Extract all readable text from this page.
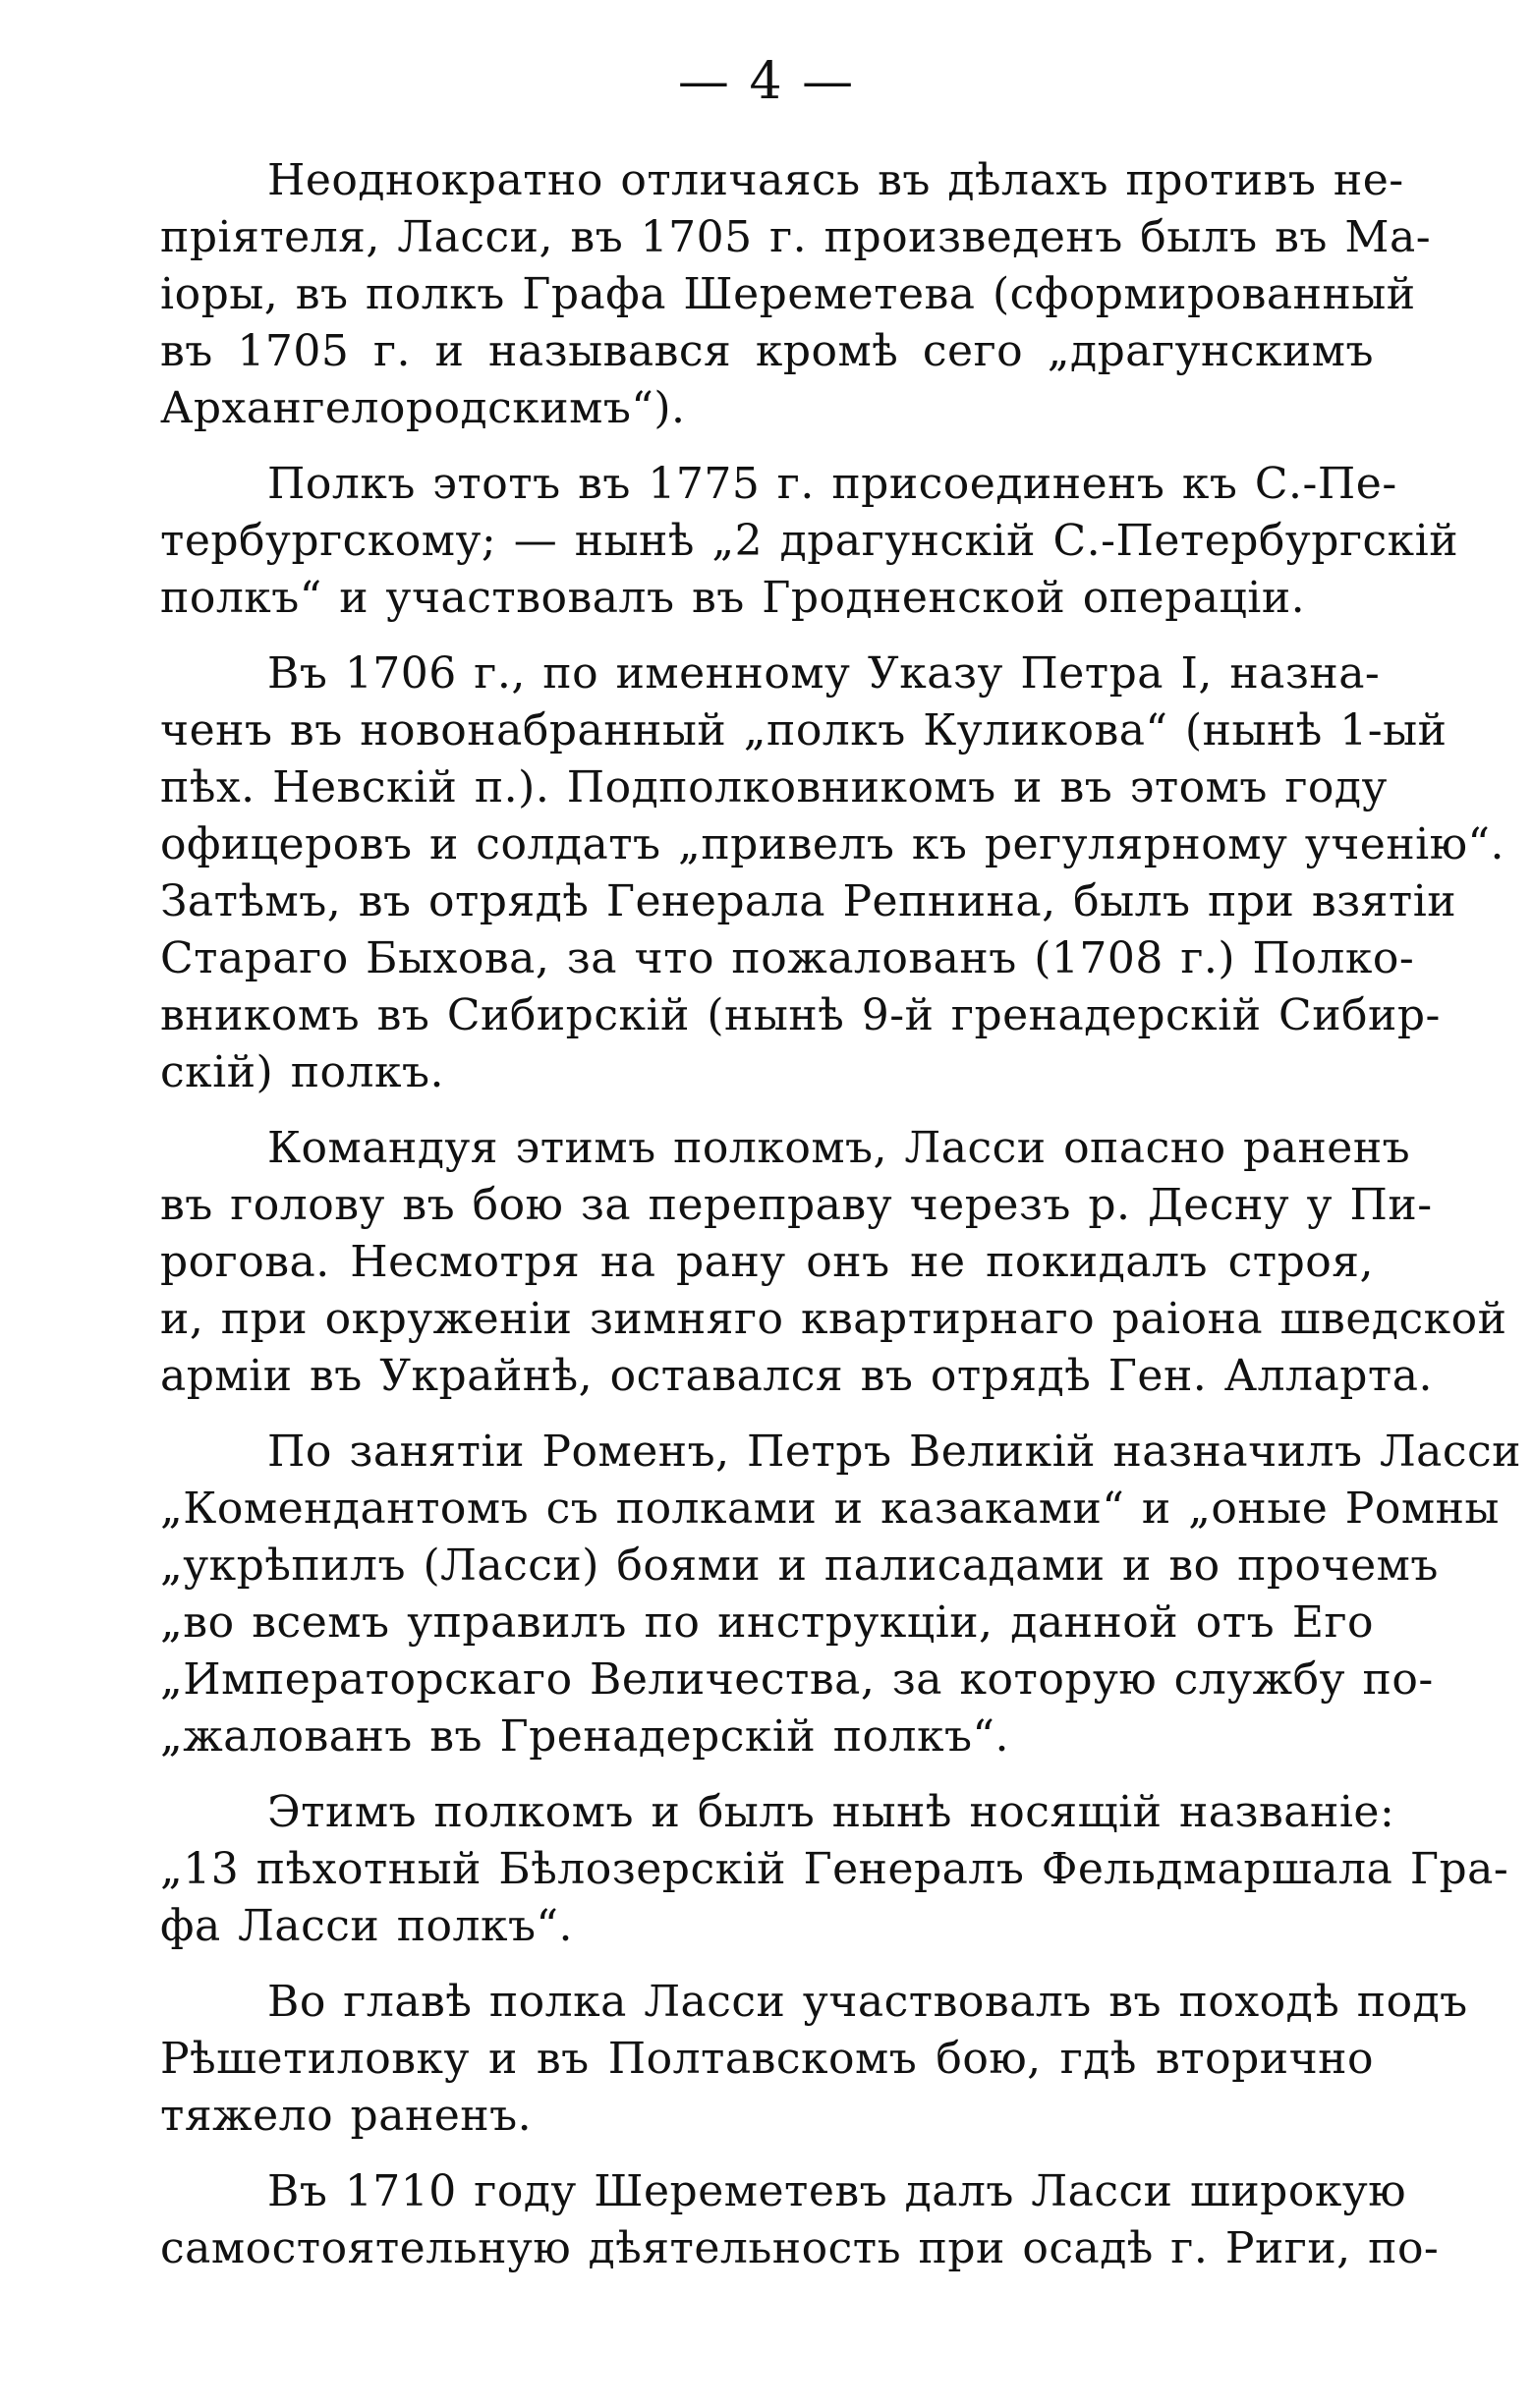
— 4 —
Неоднократно отличаясь въ дѣлахъ противъ не-
пріятеля, Ласси, въ 1705 г. произведенъ былъ въ Ма-
іоры, въ полкъ Графа Шереметева (сформированный
въ 1705 г. и назывався кромѣ сего „драгунскимъ
Архангелородскимъ“).
Полкъ этотъ въ 1775 г. присоединенъ къ С.-Пе-
тербургскому; — нынѣ „2 драгунскій С.-Петербургскій
полкъ“ и участвовалъ въ Гродненской операціи.
Въ 1706 г., по именному Указу Петра I, назна-
ченъ въ новонабранный „полкъ Куликова“ (нынѣ 1-ый
пѣх. Невскій п.). Подполковникомъ и въ этомъ году
офицеровъ и солдатъ „привелъ къ регулярному ученію“.
Затѣмъ, въ отрядѣ Генерала Репнина, былъ при взятіи
Стараго Быхова, за что пожалованъ (1708 г.) Полко-
вникомъ въ Сибирскій (нынѣ 9-й гренадерскій Сибир-
скій) полкъ.
Командуя этимъ полкомъ, Ласси опасно раненъ
въ голову въ бою за переправу черезъ р. Десну у Пи-
рогова. Несмотря на рану онъ не покидалъ строя,
и, при окруженіи зимняго квартирнаго раіона шведской
арміи въ Украйнѣ, оставался въ отрядѣ Ген. Алларта.
По занятіи Роменъ, Петръ Великій назначилъ Ласси
„Комендантомъ съ полками и казаками“ и „оные Ромны
„укрѣпилъ (Ласси) боями и палисадами и во прочемъ
„во всемъ управилъ по инструкціи, данной отъ Его
„Императорскаго Величества, за которую службу по-
„жалованъ въ Гренадерскій полкъ“.
Этимъ полкомъ и былъ нынѣ носящій названіе:
„13 пѣхотный Бѣлозерскій Генералъ Фельдмаршала Гра-
фа Ласси полкъ“.
Во главѣ полка Ласси участвовалъ въ походѣ подъ
Рѣшетиловку и въ Полтавскомъ бою, гдѣ вторично
тяжело раненъ.
Въ 1710 году Шереметевъ далъ Ласси широкую
самостоятельную дѣятельность при осадѣ г. Риги, по-
